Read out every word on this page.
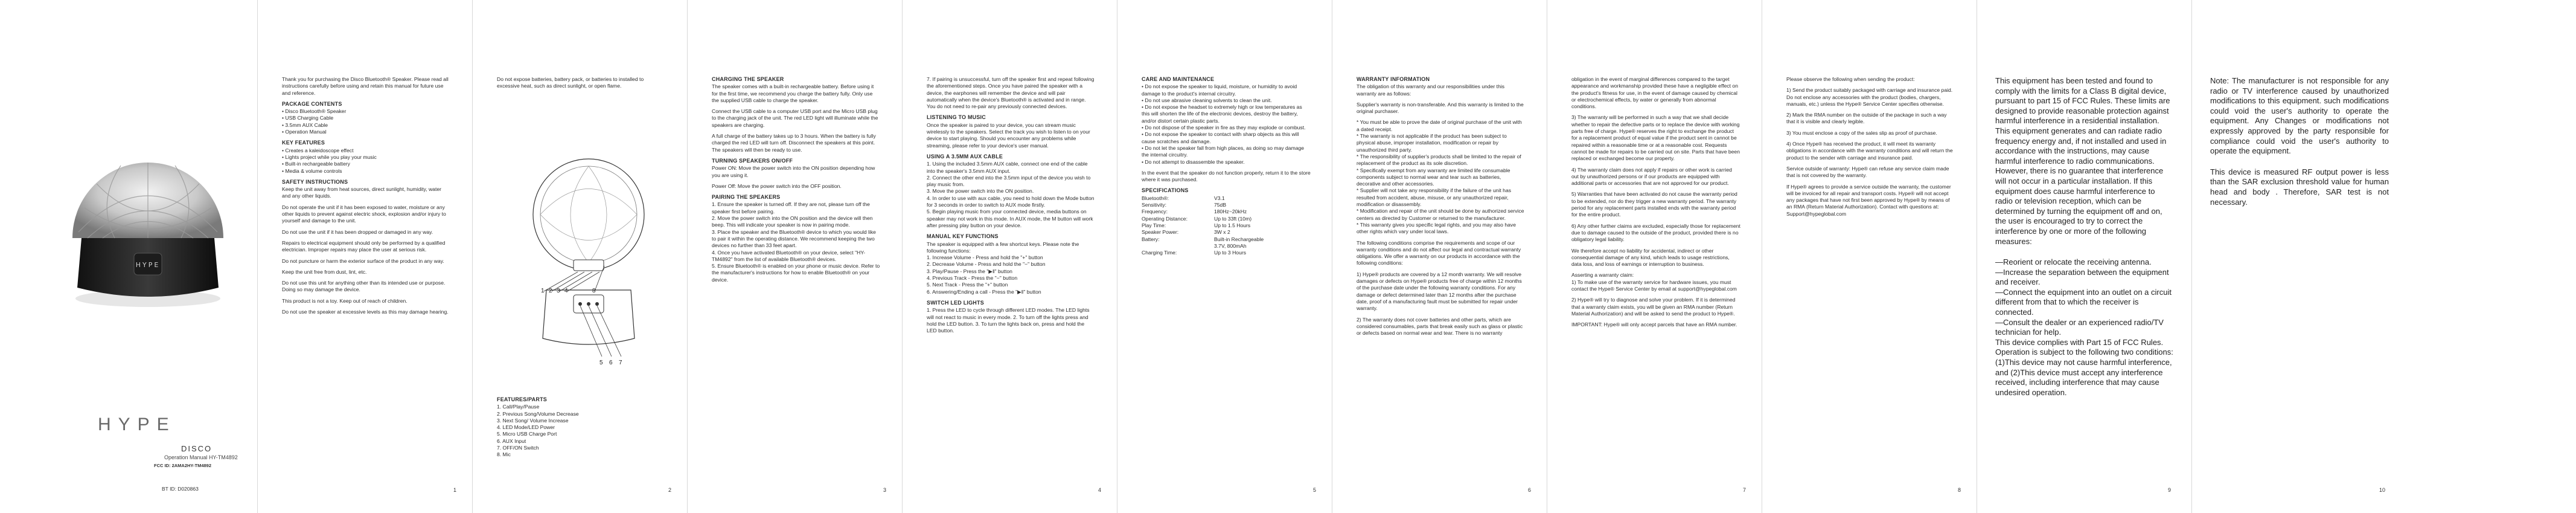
HYPE
HYPE
DISCO
Operation Manual HY-TM4892
FCC ID: 2AMA2HY-TM4892
BT ID: D020863

Thank you for purchasing the Disco Bluetooth® Speaker. Please read all instructions carefully before using and retain this manual for future use and reference.

PACKAGE CONTENTS
• Disco Bluetooth® Speaker
• USB Charging Cable
• 3.5mm AUX Cable
• Operation Manual
KEY FEATURES
• Creates a kaleidoscope effect
• Lights project while you play your music
• Built-in rechargeable battery
• Media & volume controls
SAFETY INSTRUCTIONS

Keep the unit away from heat sources, direct sunlight, humidity, water and any other liquids.

Do not operate the unit if it has been exposed to water, moisture or any other liquids to prevent against electric shock, explosion and/or injury to yourself and damage to the unit.

Do not use the unit if it has been dropped or damaged in any way.

Repairs to electrical equipment should only be performed by a qualified electrician. Improper repairs may place the user at serious risk.

Do not puncture or harm the exterior surface of the product in any way.

Keep the unit free from dust, lint, etc.

Do not use this unit for anything other than its intended use or purpose. Doing so may damage the device.

This product is not a toy. Keep out of reach of children.

Do not use the speaker at excessive levels as this may damage hearing.

1

Do not expose batteries, battery pack, or batteries to installed to excessive heat, such as direct sunlight, or open flame.

1 2 3 4	8
5 6 7
FEATURES/PARTS
1. Call/Play/Pause
2. Previous Song/Volume Decrease
3. Next Song/ Volume Increase
4. LED Mode/LED Power
5. Micro USB Charge Port
6. AUX Input
7. OFF/ON Switch
8. Mic
2
CHARGING THE SPEAKER

The speaker comes with a built-in rechargeable battery. Before using it for the first time, we recommend you charge the battery fully. Only use the supplied USB cable to charge the speaker.

Connect the USB cable to a computer USB port and the Micro USB plug to the charging jack of the unit. The red LED light will illuminate while the speakers are charging.

A full charge of the battery takes up to 3 hours. When the battery is fully charged the red LED will turn off. Disconnect the speakers at this point. The speakers will then be ready to use.

TURNING SPEAKERS ON/OFF

Power ON: Move the power switch into the ON position depending how you are using it.

Power Off: Move the power switch into the OFF position.

PAIRING THE SPEAKERS
1. Ensure the speaker is turned off. If they are not, please turn off the speaker first before pairing.
2. Move the power switch into the ON position and the device will then beep. This will indicate your speaker is now in pairing mode.
3. Place the speaker and the Bluetooth® device to which you would like to pair it within the operating distance. We recommend keeping the two devices no further than 33 feet apart.
4. Once you have activated Bluetooth® on your device, select "HY-TM4892" from the list of available Bluetooth® devices.
5. Ensure Bluetooth® is enabled on your phone or music device. Refer to the manufacturer's instructions for how to enable Bluetooth® on your device.
3

7. If pairing is unsuccessful, turn off the speaker first and repeat following the aforementioned steps. Once you have paired the speaker with a device, the earphones will remember the device and will pair automatically when the device's Bluetooth® is activated and in range. You do not need to re-pair any previously connected devices.

LISTENING TO MUSIC

Once the speaker is paired to your device, you can stream music wirelessly to the speakers. Select the track you wish to listen to on your device to start playing. Should you encounter any problems while streaming, please refer to your device's user manual.

USING A 3.5MM AUX CABLE
1. Using the included 3.5mm AUX cable, connect one end of the cable into the speaker's 3.5mm AUX input.
2. Connect the other end into the 3.5mm input of the device you wish to play music from.
3. Move the power switch into the ON position.
4. In order to use with aux cable, you need to hold down the Mode button for 3 seconds in order to switch to AUX mode firstly.
5. Begin playing music from your connected device, media buttons on speaker may not work in this mode. In AUX mode, the M button will work after pressing play button on your device.
MANUAL KEY FUNCTIONS
The speaker is equipped with a few shortcut keys. Please note the following functions:
1. Increase Volume - Press and hold the "+" button
2. Decrease Volume - Press and hold the "−" button
3. Play/Pause - Press the "▶‖" button
4. Previous Track - Press the "−" button
5. Next Track - Press the "+" button
6. Answering/Ending a call - Press the "▶‖" button
SWITCH LED LIGHTS

1. Press the LED to cycle through different LED modes. The LED lights will not react to music in every mode. 2. To turn off the lights press and hold the LED button. 3. To turn the lights back on, press and hold the LED button.

4
CARE AND MAINTENANCE
• Do not expose the speaker to liquid, moisture, or humidity to avoid damage to the product's internal circuitry.
• Do not use abrasive cleaning solvents to clean the unit.
• Do not expose the headset to extremely high or low temperatures as this will shorten the life of the electronic devices, destroy the battery, and/or distort certain plastic parts.
• Do not dispose of the speaker in fire as they may explode or combust.
• Do not expose the speaker to contact with sharp objects as this will cause scratches and damage.
• Do not let the speaker fall from high places, as doing so may damage the internal circuitry.
• Do not attempt to disassemble the speaker.

In the event that the speaker do not function properly, return it to the store where it was purchased.

SPECIFICATIONS
Bluetooth®:	V3.1
Sensitivity:	75dB
Frequency:	180Hz~20kHz
Operating Distance:	Up to 33ft (10m)
Play Time:	Up to 1.5 Hours
Speaker Power:	3W x 2
Battery:	Built-in Rechargeable
3.7V, 800mAh
Charging Time:	Up to 3 Hours
5
WARRANTY INFORMATION

The obligation of this warranty and our responsibilities under this warranty are as follows:

Supplier's warranty is non-transferable. And this warranty is limited to the original purchaser.

* You must be able to prove the date of original purchase of the unit with a dated receipt.
* The warranty is not applicable if the product has been subject to physical abuse, improper installation, modification or repair by unauthorized third party.
* The responsibility of supplier's products shall be limited to the repair of replacement of the product as its sole discretion.
* Specifically exempt from any warranty are limited life consumable components subject to normal wear and tear such as batteries, decorative and other accessories.
* Supplier will not take any responsibility if the failure of the unit has resulted from accident, abuse, misuse, or any unauthorized repair, modification or disassembly.
* Modification and repair of the unit should be done by authorized service centers as directed by Customer or returned to the manufacturer.

* This warranty gives you specific legal rights, and you may also have other rights which vary under local laws.

The following conditions comprise the requirements and scope of our warranty conditions and do not affect our legal and contractual warranty obligations. We offer a warranty on our products in accordance with the following conditions:

1) Hype® products are covered by a 12 month warranty. We will resolve damages or defects on Hype® products free of charge within 12 months of the purchase date under the following warranty conditions. For any damage or defect determined later than 12 months after the purchase date, proof of a manufacturing fault must be submitted for repair under warranty.

2) The warranty does not cover batteries and other parts, which are considered consumables, parts that break easily such as glass or plastic or defects based on normal wear and tear. There is no warranty

6

obligation in the event of marginal differences compared to the target appearance and workmanship provided these have a negligible effect on the product's fitness for use, in the event of damage caused by chemical or electrochemical effects, by water or generally from abnormal conditions.

3) The warranty will be performed in such a way that we shall decide whether to repair the defective parts or to replace the device with working parts free of charge. Hype® reserves the right to exchange the product for a replacement product of equal value if the product sent in cannot be repaired within a reasonable time or at a reasonable cost. Requests cannot be made for repairs to be carried out on site. Parts that have been replaced or exchanged become our property.

4) The warranty claim does not apply if repairs or other work is carried out by unauthorized persons or if our products are equipped with additional parts or accessories that are not approved for our product.

5) Warranties that have been activated do not cause the warranty period to be extended, nor do they trigger a new warranty period. The warranty period for any replacement parts installed ends with the warranty period for the entire product.

6) Any other further claims are excluded, especially those for replacement due to damage caused to the outside of the product, provided there is no obligatory legal liability.

We therefore accept no liability for accidental, indirect or other consequential damage of any kind, which leads to usage restrictions, data loss, and loss of earnings or interruption to business.

Asserting a warranty claim:

1) To make use of the warranty service for hardware issues, you must contact the Hype® Service Center by email at support@hypeglobal.com

2) Hype® will try to diagnose and solve your problem. If it is determined that a warranty claim exists, you will be given an RMA number (Return Material Authorization) and will be asked to send the product to Hype®.

IMPORTANT: Hype® will only accept parcels that have an RMA number.

7

Please observe the following when sending the product:

1) Send the product suitably packaged with carriage and insurance paid. Do not enclose any accessories with the product (bodies, chargers, manuals, etc.) unless the Hype® Service Center specifies otherwise.

2) Mark the RMA number on the outside of the package in such a way that it is visible and clearly legible.

3) You must enclose a copy of the sales slip as proof of purchase.

4) Once Hype® has received the product, it will meet its warranty obligations in accordance with the warranty conditions and will return the product to the sender with carriage and insurance paid.

Service outside of warranty: Hype® can refuse any service claim made that is not covered by the warranty.

If Hype® agrees to provide a service outside the warranty, the customer will be invoiced for all repair and transport costs. Hype® will not accept any packages that have not first been approved by Hype® by means of an RMA (Return Material Authorization). Contact with questions at: Support@hypeglobal.com

8

This equipment has been tested and found to comply with the limits for a Class B digital device, pursuant to part 15 of FCC Rules. These limits are designed to provide reasonable protection against harmful interference in a residential installation. This equipment generates and can radiate radio frequency energy and, if not installed and used in accordance with the instructions, may cause harmful interference to radio communications. However, there is no guarantee that interference will not occur in a particular installation. If this equipment does cause harmful interference to radio or television reception, which can be determined by turning the equipment off and on, the user is encouraged to try to correct the interference by one or more of the following measures:

—Reorient or relocate the receiving antenna.
—Increase the separation between the equipment and receiver.
—Connect the equipment into an outlet on a circuit different from that to which the receiver is connected.
—Consult the dealer or an experienced radio/TV technician for help.
This device complies with Part 15 of FCC Rules. Operation is subject to the following two conditions: (1)This device may not cause harmful interference, and (2)This device must accept any interference received, including interference that may cause undesired operation.
9

Note: The manufacturer is not responsible for any radio or TV interference caused by unauthorized modifications to this equipment. such modifications could void the user's authority to operate the equipment. Any Changes or modifications not expressly approved by the party responsible for compliance could void the user's authority to operate the equipment.

This device is measured RF output power is less than the SAR exclusion threshold value for human head and body . Therefore, SAR test is not necessary.

10
